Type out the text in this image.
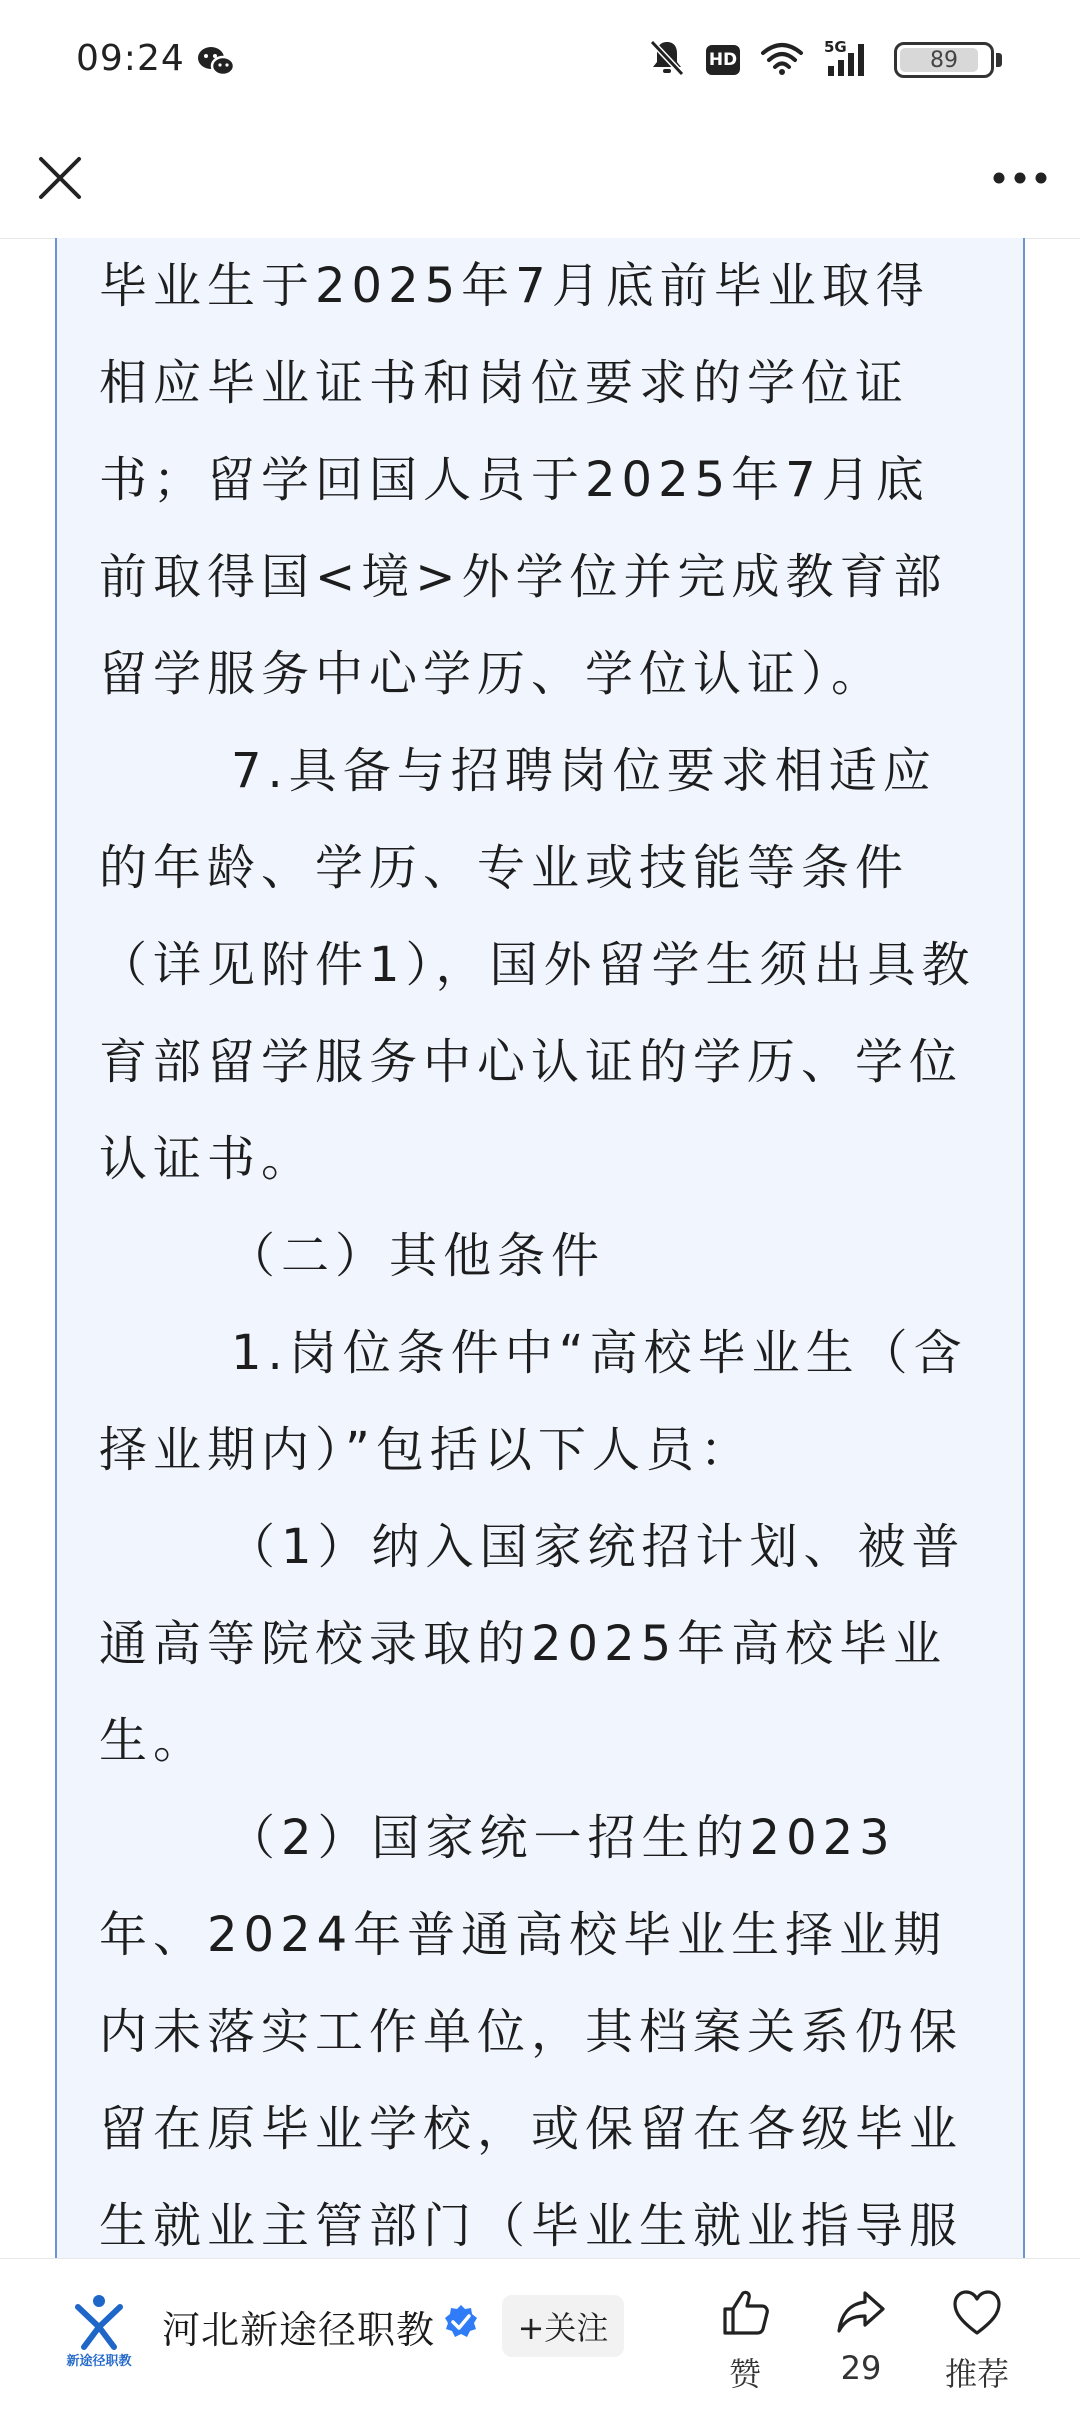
09:24	HD
5G
89

毕业生于2025年7月底前毕业取得相应毕业证书和岗位要求的学位证书；留学回国人员于2025年7月底前取得国<境>外学位并完成教育部留学服务中心学历、学位认证）。

7.具备与招聘岗位要求相适应的年龄、学历、专业或技能等条件（详见附件1），国外留学生须出具教育部留学服务中心认证的学历、学位认证书。

（二）其他条件

1.岗位条件中“高校毕业生（含择业期内）”包括以下人员：

（1）纳入国家统招计划、被普通高等院校录取的2025年高校毕业生。

（2）国家统一招生的2023年、2024年普通高校毕业生择业期内未落实工作单位，其档案关系仍保留在原毕业学校，或保留在各级毕业生就业主管部门（毕业生就业指导服

新途径职教
河北新途径职教	+关注
赞	29	推荐
